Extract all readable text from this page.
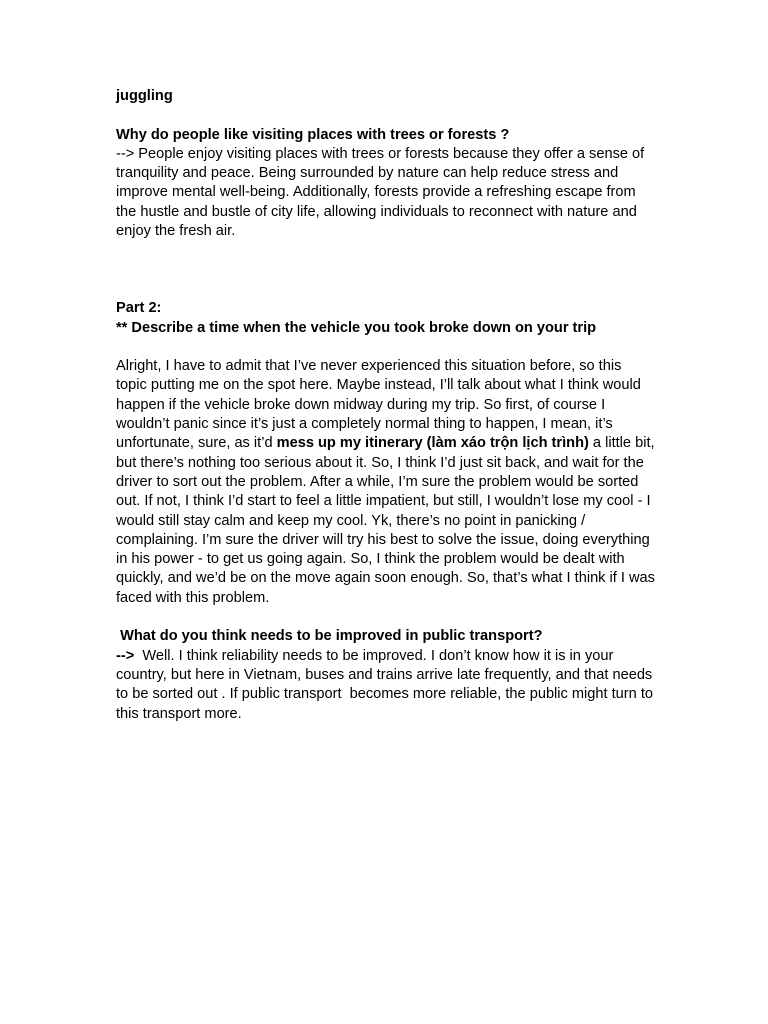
juggling

Why do people like visiting places with trees or forests ?

--> People enjoy visiting places with trees or forests because they offer a sense of tranquility and peace. Being surrounded by nature can help reduce stress and improve mental well-being. Additionally, forests provide a refreshing escape from the hustle and bustle of city life, allowing individuals to reconnect with nature and enjoy the fresh air.

Part 2:

** Describe a time when the vehicle you took broke down on your trip

Alright, I have to admit that I’ve never experienced this situation before, so this topic putting me on the spot here. Maybe instead, I’ll talk about what I think would happen if the vehicle broke down midway during my trip. So first, of course I wouldn’t panic since it’s just a completely normal thing to happen, I mean, it’s unfortunate, sure, as it’d mess up my itinerary (làm xáo trộn lịch trình) a little bit, but there’s nothing too serious about it. So, I think I’d just sit back, and wait for the driver to sort out the problem. After a while, I’m sure the problem would be sorted out. If not, I think I’d start to feel a little impatient, but still, I wouldn’t lose my cool - I would still stay calm and keep my cool. Yk, there’s no point in panicking / complaining. I’m sure the driver will try his best to solve the issue, doing everything in his power - to get us going again. So, I think the problem would be dealt with quickly, and we’d be on the move again soon enough. So, that’s what I think if I was faced with this problem.

What do you think needs to be improved in public transport?

-->  Well. I think reliability needs to be improved. I don’t know how it is in your country, but here in Vietnam, buses and trains arrive late frequently, and that needs to be sorted out . If public transport  becomes more reliable, the public might turn to this transport more.
